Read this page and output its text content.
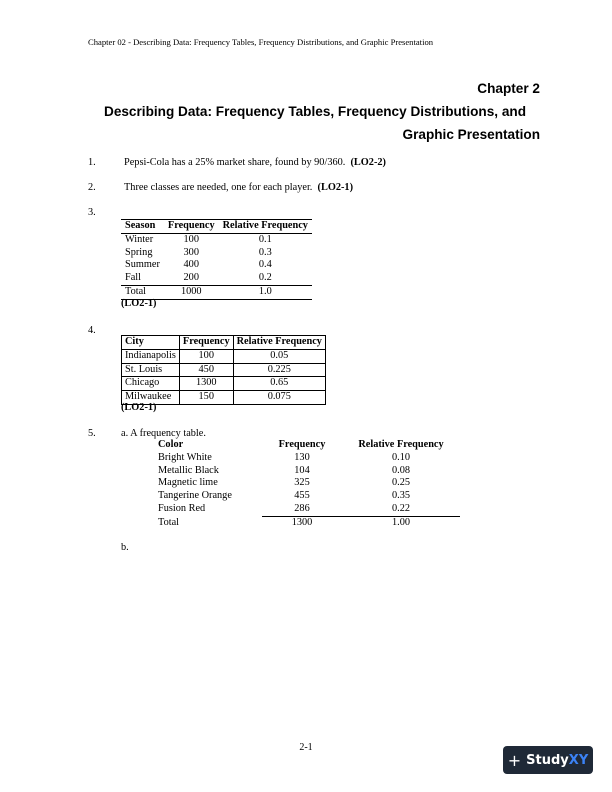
Chapter 02 - Describing Data: Frequency Tables, Frequency Distributions, and Graphic Presentation
Chapter 2
Describing Data: Frequency Tables, Frequency Distributions, and
Graphic Presentation
1.	Pepsi-Cola has a 25% market share, found by 90/360. (LO2-2)
2.	Three classes are needed, one for each player. (LO2-1)
3.
Season	Frequency	Relative Frequency
Winter	100	0.1
Spring	300	0.3
Summer	400	0.4
Fall	200	0.2
Total	1000	1.0
(LO2-1)
4.
City	Frequency	Relative Frequency
Indianapolis	100	0.05
St. Louis	450	0.225
Chicago	1300	0.65
Milwaukee	150	0.075
(LO2-1)
5. a. A frequency table.
Color	Frequency	Relative Frequency
Bright White	130	0.10
Metallic Black	104	0.08
Magnetic lime	325	0.25
Tangerine Orange	455	0.35
Fusion Red	286	0.22
Total	1300	1.00
b.
2-1
+ Study XY
